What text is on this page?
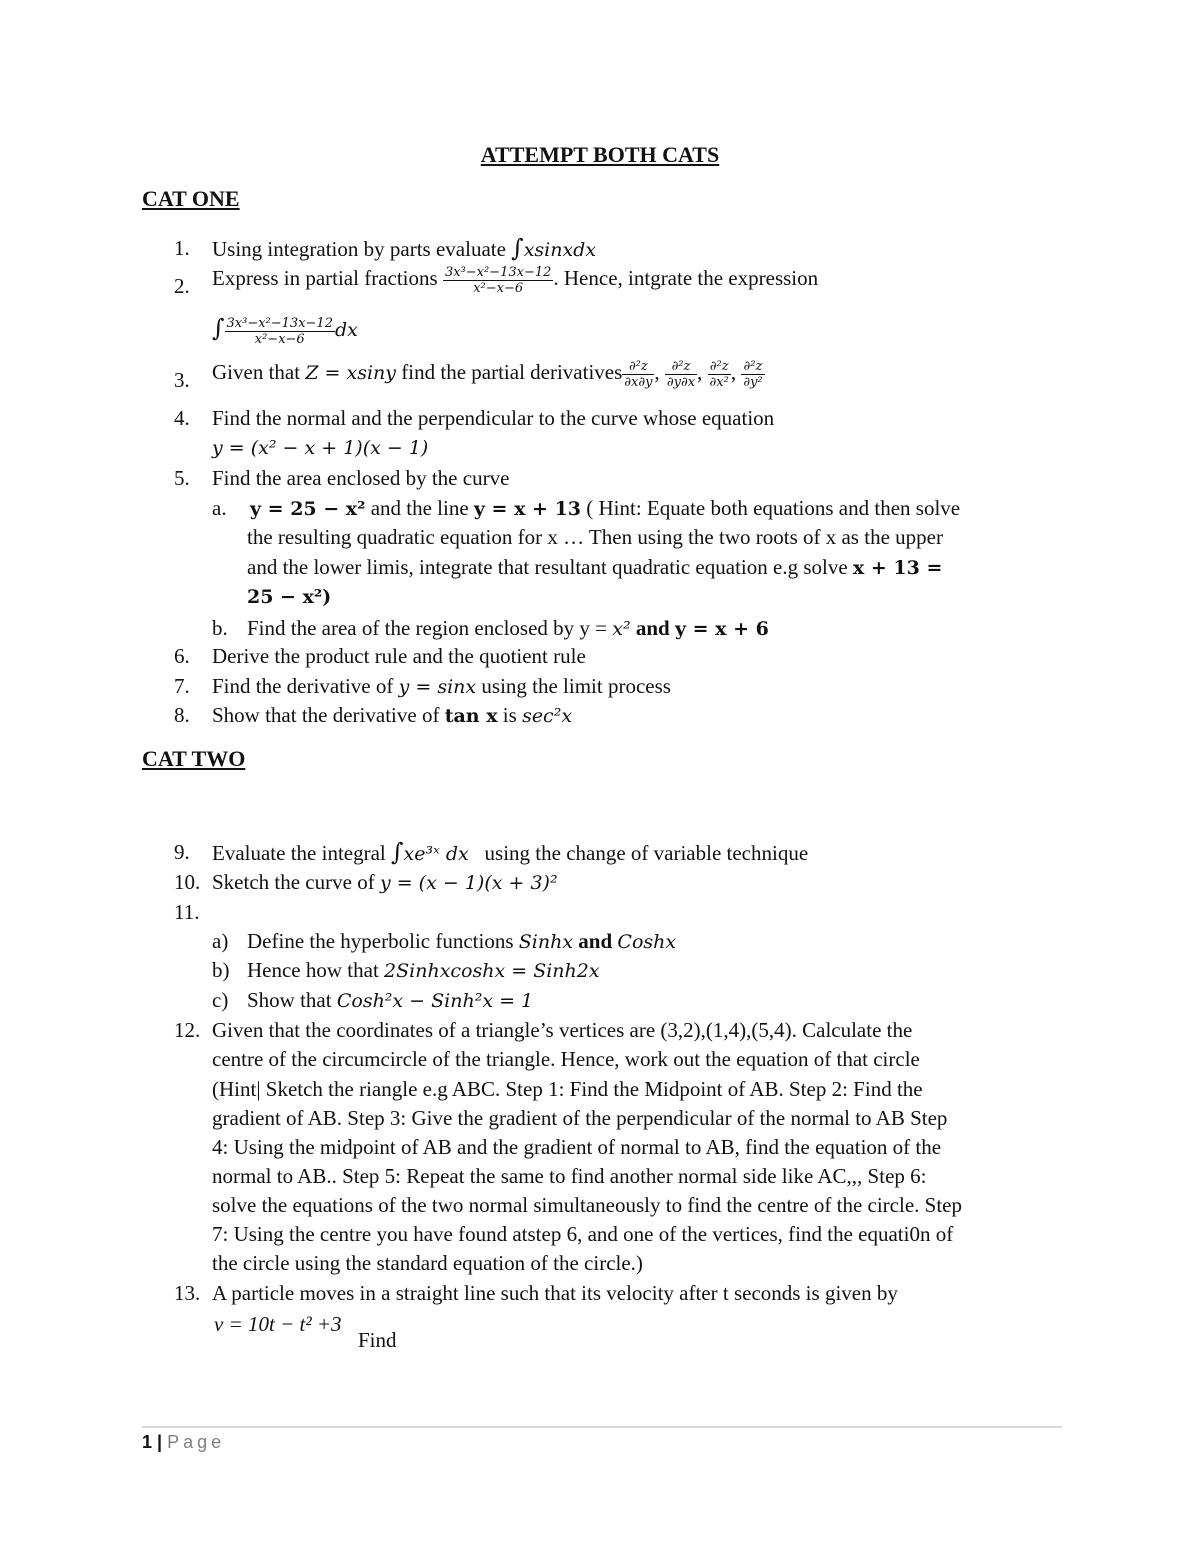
ATTEMPT BOTH CATS
CAT ONE
1. Using integration by parts evaluate ∫xsinxdx
2. Express in partial fractions $\frac{\text{3x³−x²−13x−12}}{\text{x²−x−6}}$ . Hence, intgrate the expression
∫ $\frac{\text{3x³−x²−13x−12}}{\text{x²−x−6}}$ dx
3. Given that Z = xsiny find the partial derivatives $\frac{\text{∂²z}}{\partial x\partial y}$ , $\frac{\text{∂²z}}{\partial y\partial x}$ , $\frac{\text{∂²z}}{\text{∂x²}}$ , $\frac{\text{∂²z}}{\text{∂y²}}$
4. Find the normal and the perpendicular to the curve whose equation
y = (x² − x + 1)(x − 1)
5. Find the area enclosed by the curve
a. y = 25 − x² and the line y = x + 13 ( Hint: Equate both equations and then solve
the resulting quadratic equation for x … Then using the two roots of x as the upper
and the lower limis, integrate that resultant quadratic equation e.g solve x + 13 =
25 − x²)
b. Find the area of the region enclosed by y = x² and y = x + 6
6. Derive the product rule and the quotient rule
7. Find the derivative of y = sinx using the limit process
8. Show that the derivative of tan x is sec²x
CAT TWO
9. Evaluate the integral ∫xe³ˣ dx using the change of variable technique
10. Sketch the curve of y = (x − 1)(x + 3)²
11.
a) Define the hyperbolic functions Sinhx and Coshx
b) Hence how that 2Sinhxcoshx = Sinh2x
c) Show that Cosh²x − Sinh²x = 1
12. Given that the coordinates of a triangle’s vertices are (3,2),(1,4),(5,4). Calculate the
centre of the circumcircle of the triangle. Hence, work out the equation of that circle
(Hint| Sketch the riangle e.g ABC. Step 1: Find the Midpoint of AB. Step 2: Find the
gradient of AB. Step 3: Give the gradient of the perpendicular of the normal to AB Step
4: Using the midpoint of AB and the gradient of normal to AB, find the equation of the
normal to AB.. Step 5: Repeat the same to find another normal side like AC,,, Step 6:
solve the equations of the two normal simultaneously to find the centre of the circle. Step
7: Using the centre you have found atstep 6, and one of the vertices, find the equati0n of
the circle using the standard equation of the circle.)
13. A particle moves in a straight line such that its velocity after t seconds is given by
v = 10t − t² +3
Find
1 | Page
